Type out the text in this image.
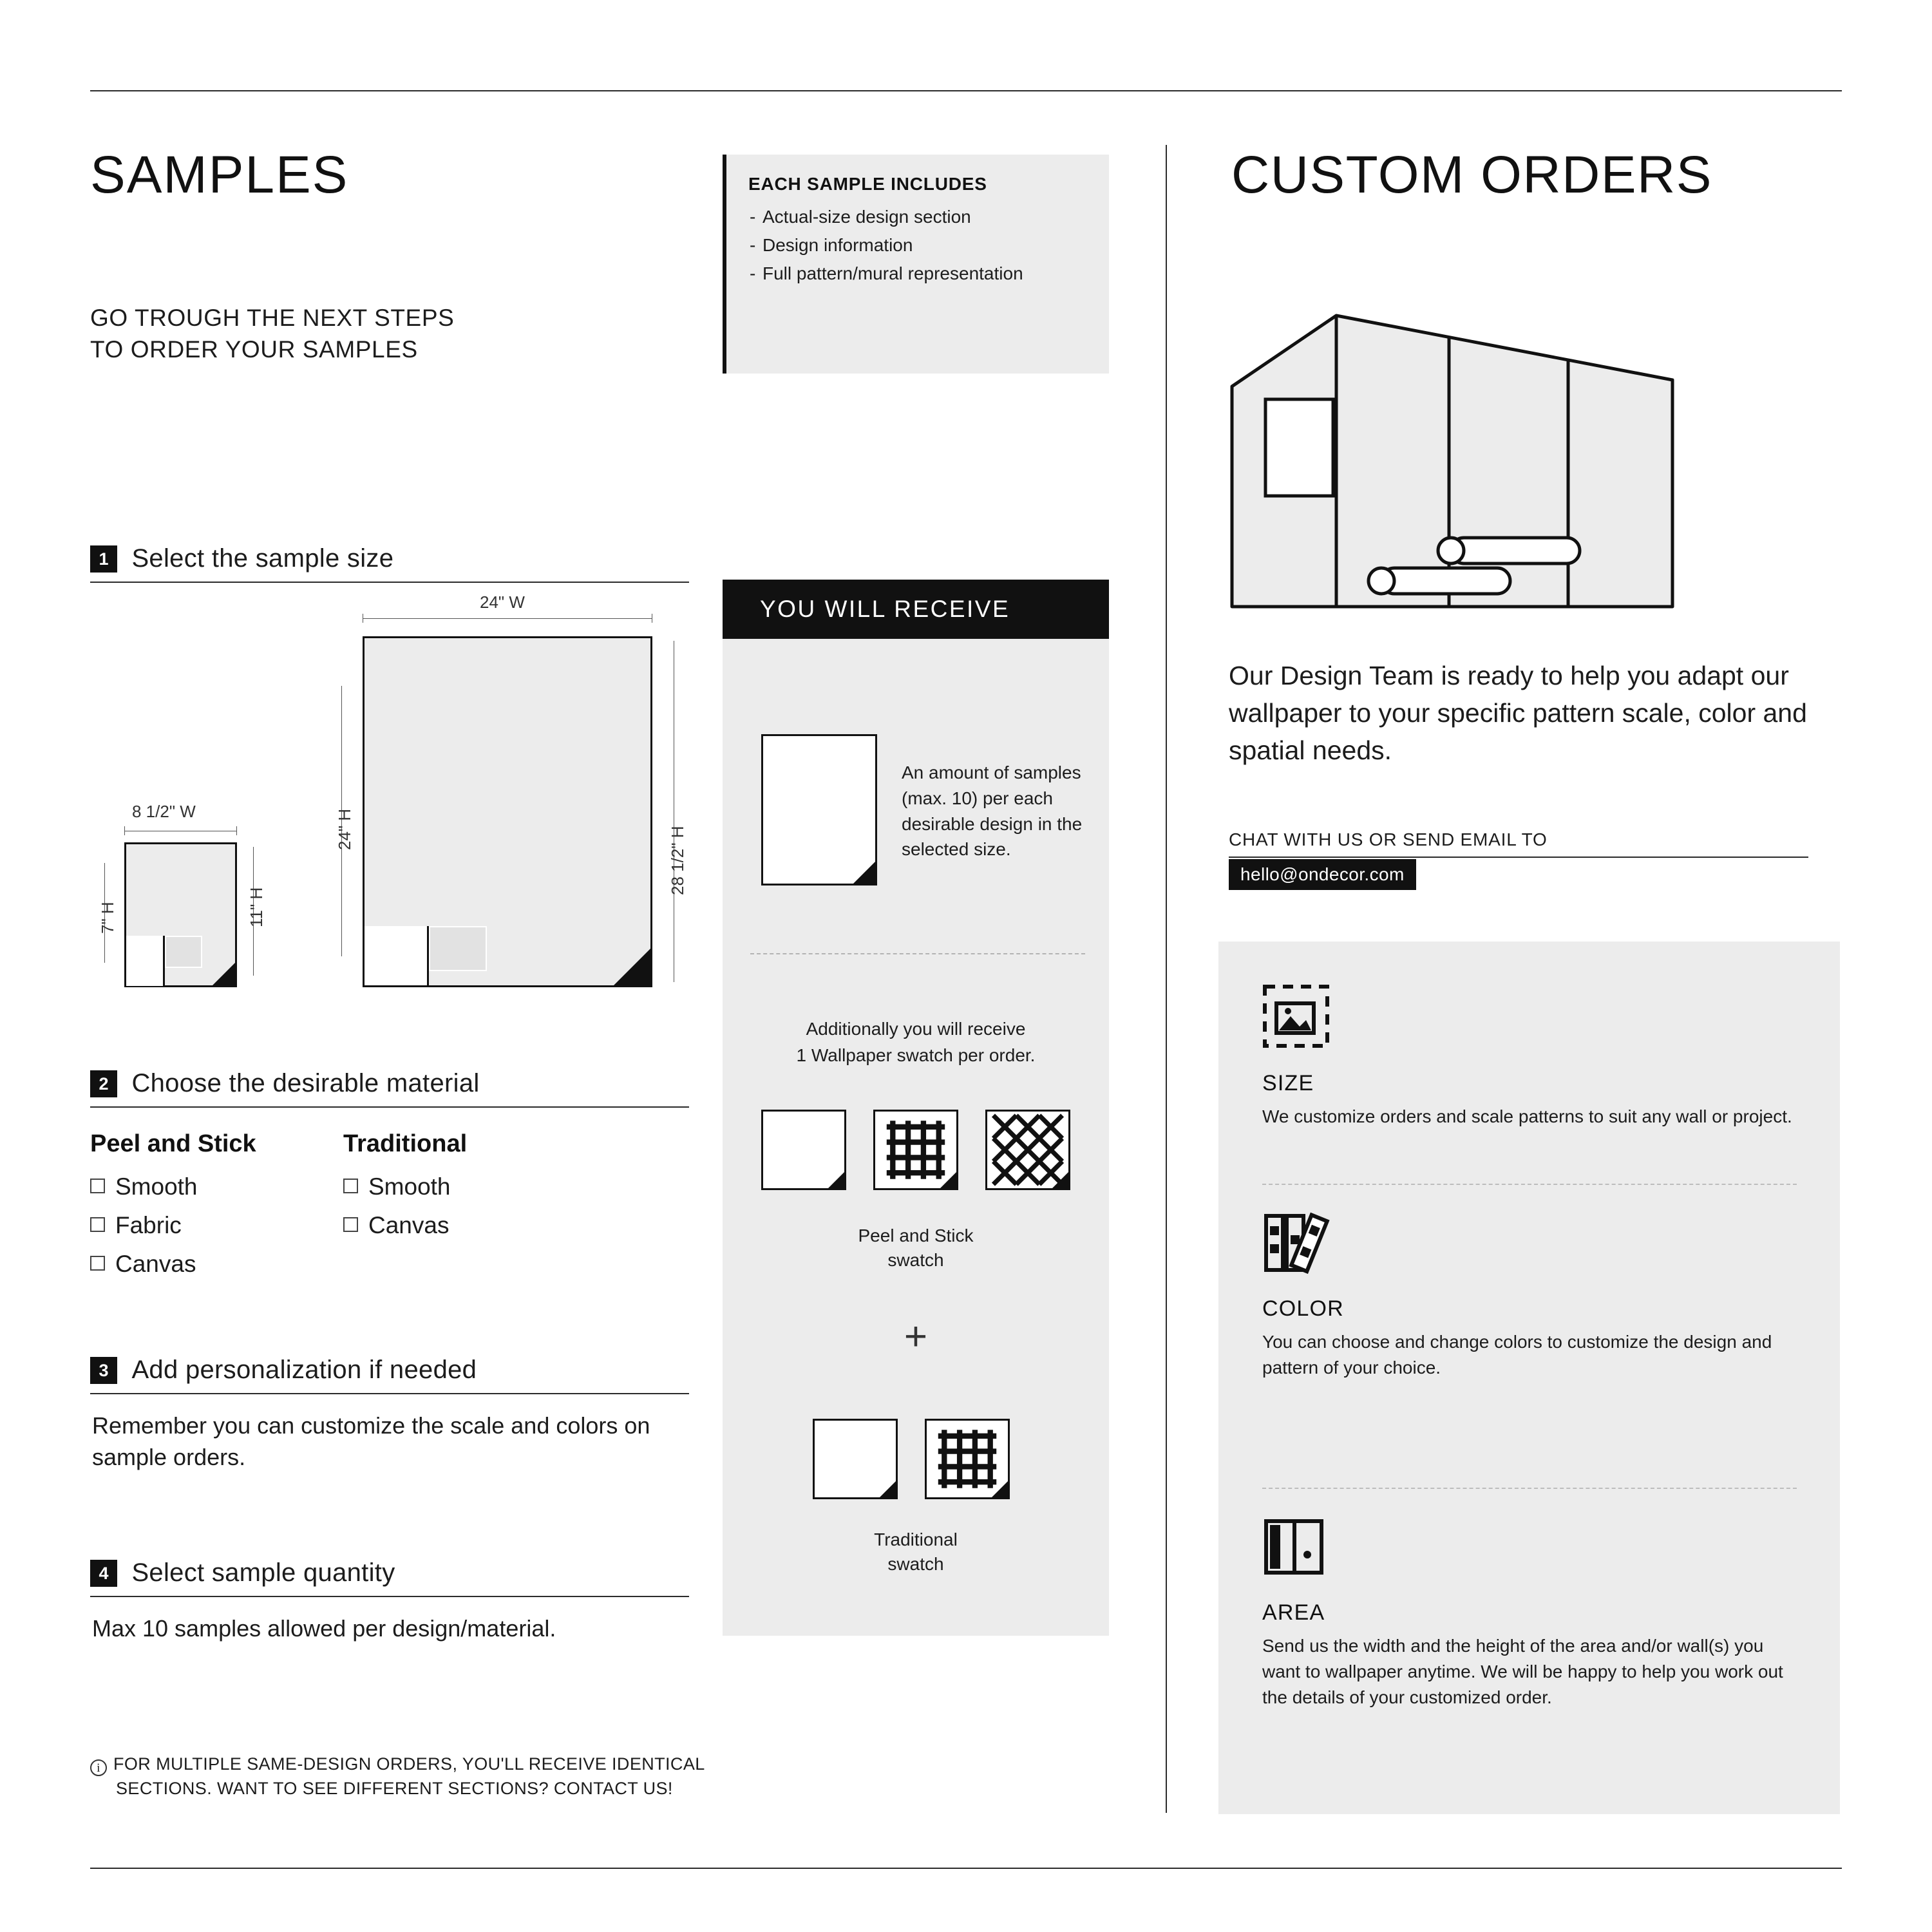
SAMPLES
GO TROUGH THE NEXT STEPS
TO ORDER YOUR SAMPLES
EACH SAMPLE INCLUDES
- Actual-size design section
- Design information
- Full pattern/mural representation
1 Select the sample size
24" W
24" H	28 1/2" H
8 1/2" W
7" H	11" H
2 Choose the desirable material
Peel and Stick
Smooth
Fabric
Canvas
Traditional
Smooth
Canvas
3 Add personalization if needed
Remember you can customize the scale and colors on sample orders.
4 Select sample quantity
Max 10 samples allowed per design/material.
i FOR MULTIPLE SAME-DESIGN ORDERS, YOU'LL RECEIVE IDENTICAL
SECTIONS. WANT TO SEE DIFFERENT SECTIONS? CONTACT US!
YOU WILL RECEIVE
An amount of samples (max. 10) per each desirable design in the selected size.
Additionally you will receive
1 Wallpaper swatch per order.
Peel and Stick
swatch
+
Traditional
swatch
CUSTOM ORDERS
Our Design Team is ready to help you adapt our wallpaper to your specific pattern scale, color and spatial needs.
CHAT WITH US OR SEND EMAIL TO
hello@ondecor.com
SIZE
We customize orders and scale patterns to suit any wall or project.
COLOR
You can choose and change colors to customize the design and pattern of your choice.
AREA
Send us the width and the height of the area and/or wall(s) you want to wallpaper anytime. We will be happy to help you work out the details of your customized order.
